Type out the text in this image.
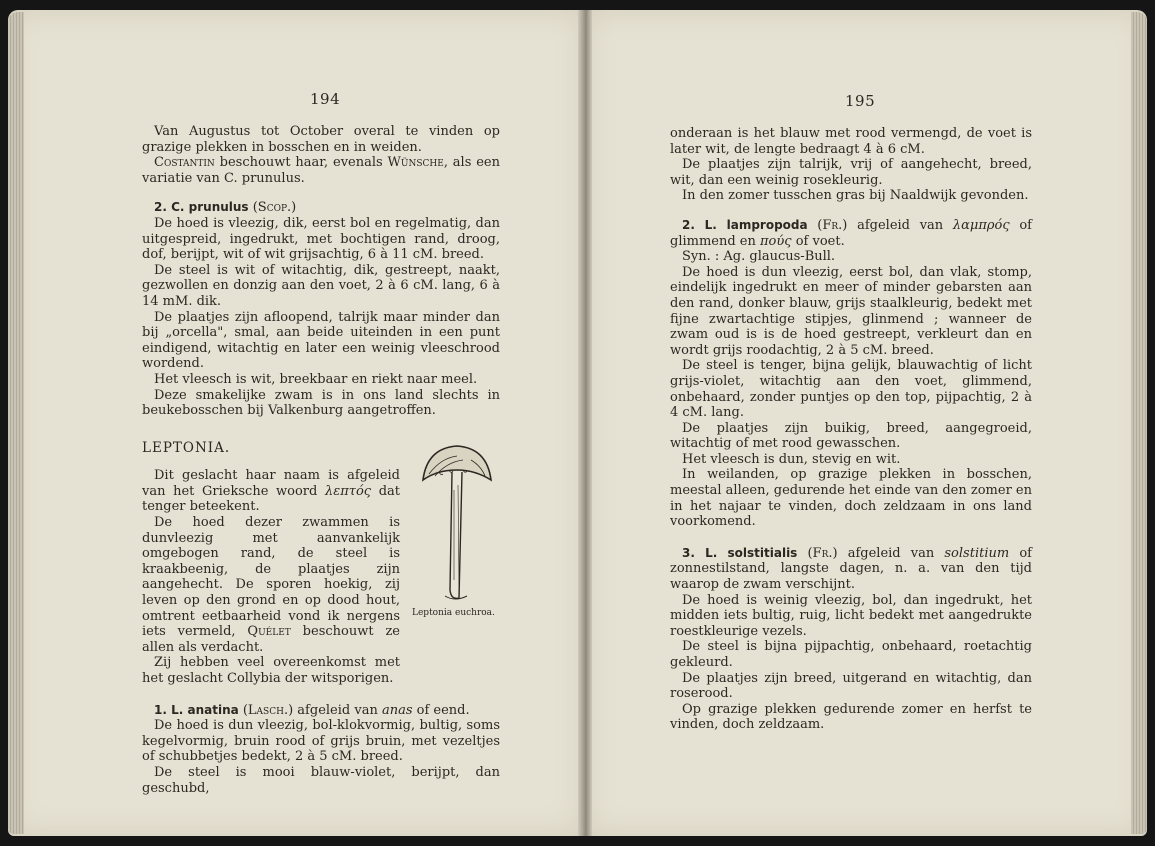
194

Van Augustus tot October overal te vinden op grazige plekken in bosschen en in weiden.

Costantin beschouwt haar, evenals Wünsche, als een variatie van C. prunulus.

2. C. prunulus (Scop.)

De hoed is vleezig, dik, eerst bol en regelmatig, dan uitgespreid, ingedrukt, met bochtigen rand, droog, dof, berijpt, wit of wit grijsachtig, 6 à 11 cM. breed.

De steel is wit of witachtig, dik, gestreept, naakt, gezwollen en donzig aan den voet, 2 à 6 cM. lang, 6 à 14 mM. dik.

De plaatjes zijn afloopend, talrijk maar minder dan bij „orcella", smal, aan beide uiteinden in een punt eindigend, witachtig en later een weinig vleeschrood wordend.

Het vleesch is wit, breekbaar en riekt naar meel.

Deze smakelijke zwam is in ons land slechts in beukebosschen bij Valkenburg aangetroffen.

LEPTONIA.

Dit geslacht haar naam is afgeleid van het Grieksche woord λεπτός dat tenger beteekent.

De hoed dezer zwammen is dunvleezig met aanvankelijk omgebogen rand, de steel is kraakbeenig, de plaatjes zijn aangehecht. De sporen hoekig, zij leven op den grond en op dood hout, omtrent eetbaarheid vond ik nergens iets vermeld, Quélet beschouwt ze allen als verdacht.

Zij hebben veel overeenkomst met het geslacht Collybia der witsporigen.

1. L. anatina (Lasch.) afgeleid van anas of eend.

De hoed is dun vleezig, bol-klokvormig, bultig, soms kegelvormig, bruin rood of grijs bruin, met vezeltjes of schubbetjes bedekt, 2 à 5 cM. breed.

De steel is mooi blauw-violet, berijpt, dan geschubd,

Leptonia euchroa.
195

onderaan is het blauw met rood vermengd, de voet is later wit, de lengte bedraagt 4 à 6 cM.

De plaatjes zijn talrijk, vrij of aangehecht, breed, wit, dan een weinig rosekleurig.

In den zomer tusschen gras bij Naaldwijk gevonden.

2. L. lampropoda (Fr.) afgeleid van λαμπρός of glimmend en πούς of voet.

Syn. : Ag. glaucus-Bull.

De hoed is dun vleezig, eerst bol, dan vlak, stomp, eindelijk ingedrukt en meer of minder gebarsten aan den rand, donker blauw, grijs staalkleurig, bedekt met fijne zwartachtige stipjes, glinmend ; wanneer de zwam oud is is de hoed gestreept, verkleurt dan en wordt grijs roodachtig, 2 à 5 cM. breed.

De steel is tenger, bijna gelijk, blauwachtig of licht grijs-violet, witachtig aan den voet, glimmend, onbehaard, zonder puntjes op den top, pijpachtig, 2 à 4 cM. lang.

De plaatjes zijn buikig, breed, aangegroeid, witachtig of met rood gewasschen.

Het vleesch is dun, stevig en wit.

In weilanden, op grazige plekken in bosschen, meestal alleen, gedurende het einde van den zomer en in het najaar te vinden, doch zeldzaam in ons land voorkomend.

3. L. solstitialis (Fr.) afgeleid van solstitium of zonnestilstand, langste dagen, n. a. van den tijd waarop de zwam verschijnt.

De hoed is weinig vleezig, bol, dan ingedrukt, het midden iets bultig, ruig, licht bedekt met aangedrukte roestkleurige vezels.

De steel is bijna pijpachtig, onbehaard, roetachtig gekleurd.

De plaatjes zijn breed, uitgerand en witachtig, dan roserood.

Op grazige plekken gedurende zomer en herfst te vinden, doch zeldzaam.
